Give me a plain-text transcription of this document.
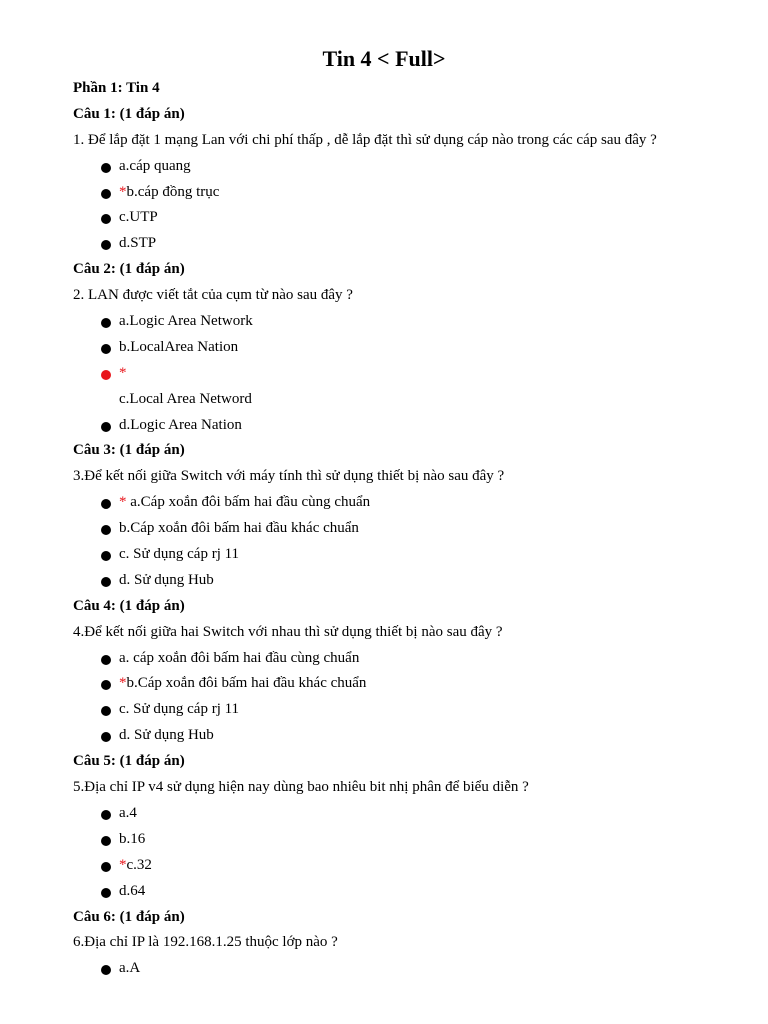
Tin 4 < Full>
Phần 1: Tin 4
Câu 1: (1 đáp án)
1. Để lắp đặt 1 mạng Lan với chi phí thấp , dễ lắp đặt thì sử dụng cáp nào trong các cáp sau đây ?
a.cáp quang
*b.cáp đồng trục
c.UTP
d.STP
Câu 2: (1 đáp án)
2. LAN được viết tắt của cụm từ nào sau đây ?
a.Logic Area Network
b.LocalArea Nation
*
c.Local Area Netword
d.Logic Area Nation
Câu 3: (1 đáp án)
3.Để kết nối giữa Switch với máy tính thì sử dụng thiết bị nào sau đây ?
* a.Cáp xoắn đôi bấm hai đầu cùng chuẩn
b.Cáp xoắn đôi bấm hai đầu khác chuẩn
c. Sử dụng cáp rj 11
d. Sử dụng Hub
Câu 4: (1 đáp án)
4.Để kết nối giữa hai Switch với nhau thì sử dụng thiết bị nào sau đây ?
a. cáp xoắn đôi bấm hai đầu cùng chuẩn
*b.Cáp xoắn đôi bấm hai đầu khác chuẩn
c. Sử dụng cáp rj 11
d. Sử dụng Hub
Câu 5: (1 đáp án)
5.Địa chỉ IP v4 sử dụng hiện nay dùng bao nhiêu bit nhị phân để biểu diễn ?
a.4
b.16
*c.32
d.64
Câu 6: (1 đáp án)
6.Địa chỉ IP là 192.168.1.25 thuộc lớp nào ?
a.A
